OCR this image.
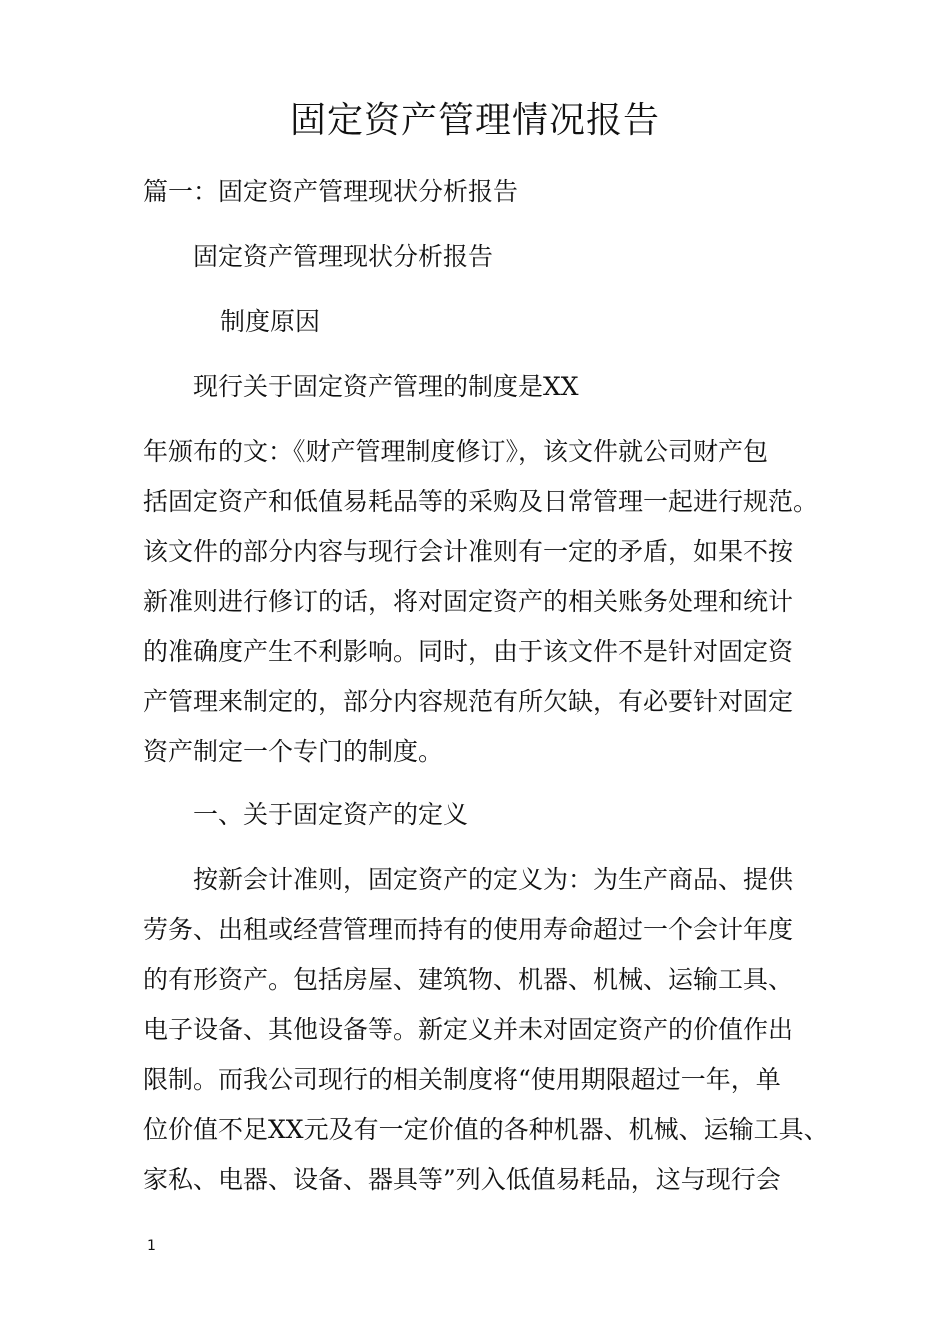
固定资产管理情况报告

篇一：固定资产管理现状分析报告

固定资产管理现状分析报告

制度原因

现行关于固定资产管理的制度是XX

年颁布的文：《财产管理制度修订》，该文件就公司财产包

括固定资产和低值易耗品等的采购及日常管理一起进行规范。

该文件的部分内容与现行会计准则有一定的矛盾，如果不按

新准则进行修订的话，将对固定资产的相关账务处理和统计

的准确度产生不利影响。同时，由于该文件不是针对固定资

产管理来制定的，部分内容规范有所欠缺，有必要针对固定

资产制定一个专门的制度。

一、关于固定资产的定义

按新会计准则，固定资产的定义为：为生产商品、提供

劳务、出租或经营管理而持有的使用寿命超过一个会计年度

的有形资产。包括房屋、建筑物、机器、机械、运输工具、

电子设备、其他设备等。新定义并未对固定资产的价值作出

限制。而我公司现行的相关制度将“使用期限超过一年，单

位价值不足XX元及有一定价值的各种机器、机械、运输工具、

家私、电器、设备、器具等”列入低值易耗品，这与现行会

1
